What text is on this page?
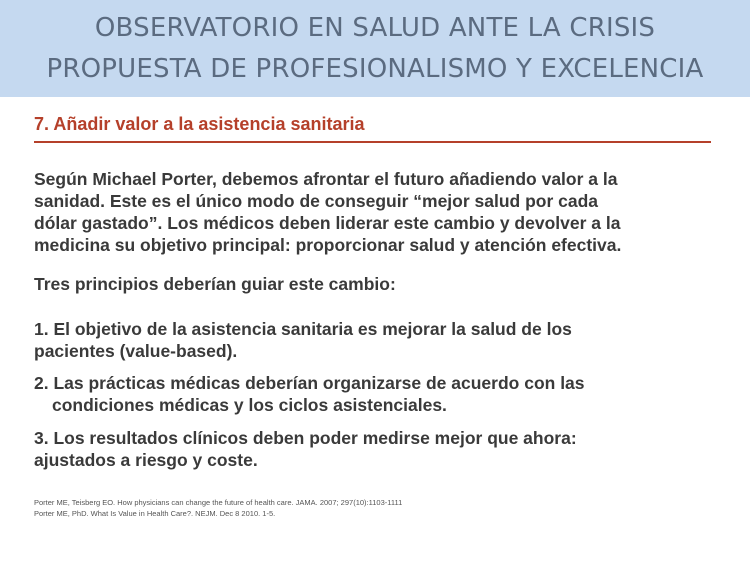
OBSERVATORIO EN SALUD ANTE LA CRISIS
PROPUESTA DE PROFESIONALISMO Y EXCELENCIA
7. Añadir valor a la asistencia sanitaria
Según Michael Porter, debemos afrontar el futuro añadiendo valor a la
sanidad. Este es el único modo de conseguir “mejor salud por cada
dólar gastado”. Los médicos deben liderar este cambio y devolver a la
medicina su objetivo principal: proporcionar salud y atención efectiva.
Tres principios deberían guiar este cambio:
1. El objetivo de la asistencia sanitaria es mejorar la salud de los
pacientes (value-based).
2. Las prácticas médicas deberían organizarse de acuerdo con las
condiciones médicas y los ciclos asistenciales.
3. Los resultados clínicos deben poder medirse mejor que ahora:
ajustados a riesgo y coste.
Porter ME, Teisberg EO. How physicians can change the future of health care. JAMA. 2007; 297(10):1103-1111
Porter ME, PhD. What Is Value in Health Care?. NEJM. Dec 8 2010. 1-5.
